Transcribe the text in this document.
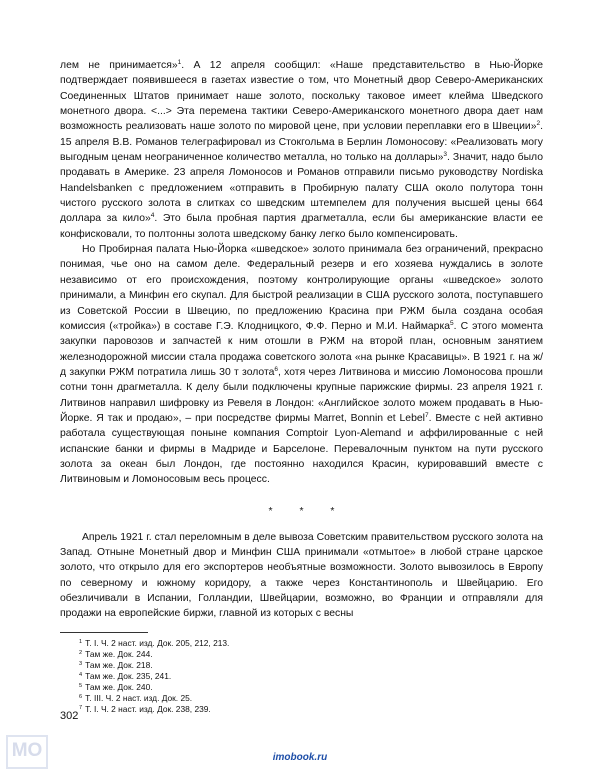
лем не принимается»$^1$. А 12 апреля сообщил: «Наше представительство в Нью-Йорке подтверждает появившееся в газетах известие о том, что Монетный двор Северо-Американских Соединенных Штатов принимает наше золото, поскольку таковое имеет клейма Шведского монетного двора. <...> Эта перемена тактики Северо-Американского монетного двора дает нам возможность реализовать наше золото по мировой цене, при условии переплавки его в Швеции»$^2$. 15 апреля В.В. Романов телеграфировал из Стокгольма в Берлин Ломоносову: «Реализовать могу выгодным ценам неограниченное количество металла, но только на доллары»$^3$. Значит, надо было продавать в Америке. 23 апреля Ломоносов и Романов отправили письмо руководству Nordiska Handelsbanken с предложением «отправить в Пробирную палату США около полутора тонн чистого русского золота в слитках со шведским штемпелем для получения высшей цены 664 доллара за кило»$^4$. Это была пробная партия драгметалла, если бы американские власти ее конфисковали, то полтонны золота шведскому банку легко было компенсировать.

Но Пробирная палата Нью-Йорка «шведское» золото принимала без ограничений, прекрасно понимая, чье оно на самом деле. Федеральный резерв и его хозяева нуждались в золоте независимо от его происхождения, поэтому контролирующие органы «шведское» золото принимали, а Минфин его скупал. Для быстрой реализации в США русского золота, поступавшего из Советской России в Швецию, по предложению Красина при РЖМ была создана особая комиссия («тройка») в составе Г.Э. Клодницкого, Ф.Ф. Перно и М.И. Наймарка$^5$. С этого момента закупки паровозов и запчастей к ним отошли в РЖМ на второй план, основным занятием железнодорожной миссии стала продажа советского золота «на рынке Красавицы». В 1921 г. на ж/д закупки РЖМ потратила лишь 30 т золота$^6$, хотя через Литвинова и миссию Ломоносова прошли сотни тонн драгметалла. К делу были подключены крупные парижские фирмы. 23 апреля 1921 г. Литвинов направил шифровку из Ревеля в Лондон: «Английское золото можем продавать в Нью-Йорке. Я так и продаю», – при посредстве фирмы Marret, Bonnin et Lebel$^7$. Вместе с ней активно работала существующая поныне компания Comptoir Lyon-Alemand и аффилированные с ней испанские банки и фирмы в Мадриде и Барселоне. Перевалочным пунктом на пути русского золота за океан был Лондон, где постоянно находился Красин, курировавший вместе с Литвиновым и Ломоносовым весь процесс.

* * *

Апрель 1921 г. стал переломным в деле вывоза Советским правительством русского золота на Запад. Отныне Монетный двор и Минфин США принимали «отмытое» в любой стране царское золото, что открыло для его экспортеров необъятные возможности. Золото вывозилось в Европу по северному и южному коридору, а также через Константинополь и Швейцарию. Его обезличивали в Испании, Голландии, Швейцарии, возможно, во Франции и отправляли для продажи на европейские биржи, главной из которых с весны

$^1$ Т. I. Ч. 2 наст. изд. Док. 205, 212, 213.

$^2$ Там же. Док. 244.

$^3$ Там же. Док. 218.

$^4$ Там же. Док. 235, 241.

$^5$ Там же. Док. 240.

$^6$ Т. III. Ч. 2 наст. изд. Док. 25.

$^7$ Т. I. Ч. 2 наст. изд. Док. 238, 239.

302
MO	imobook.ru
